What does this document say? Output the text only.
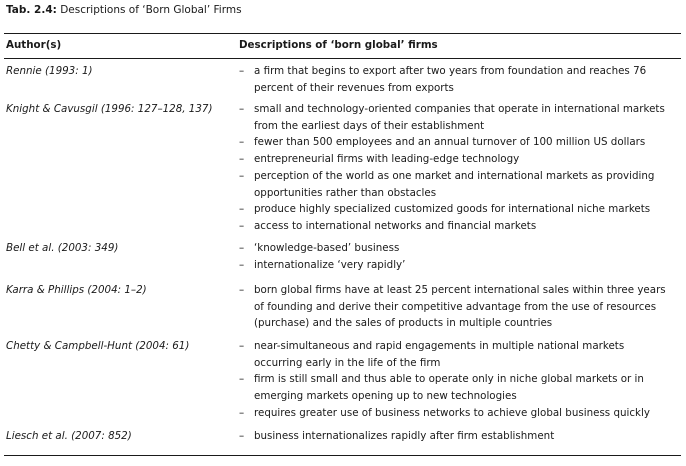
Tab. 2.4: Descriptions of ‘Born Global’ Firms
Author(s)	Descriptions of ‘born global’ firms
Rennie (1993: 1)	– a firm that begins to export after two years from foundation and reaches 76
percent of their revenues from exports
Knight & Cavusgil (1996: 127–128, 137)	– small and technology-oriented companies that operate in international markets
from the earliest days of their establishment
– fewer than 500 employees and an annual turnover of 100 million US dollars
– entrepreneurial firms with leading-edge technology
– perception of the world as one market and international markets as providing
opportunities rather than obstacles
– produce highly specialized customized goods for international niche markets
– access to international networks and financial markets
Bell et al. (2003: 349)	– ‘knowledge-based’ business
– internationalize ‘very rapidly’
Karra & Phillips (2004: 1–2)	– born global firms have at least 25 percent international sales within three years
of founding and derive their competitive advantage from the use of resources
(purchase) and the sales of products in multiple countries
Chetty & Campbell-Hunt (2004: 61)	– near-simultaneous and rapid engagements in multiple national markets
occurring early in the life of the firm
– firm is still small and thus able to operate only in niche global markets or in
emerging markets opening up to new technologies
– requires greater use of business networks to achieve global business quickly
Liesch et al. (2007: 852)	– business internationalizes rapidly after firm establishment
